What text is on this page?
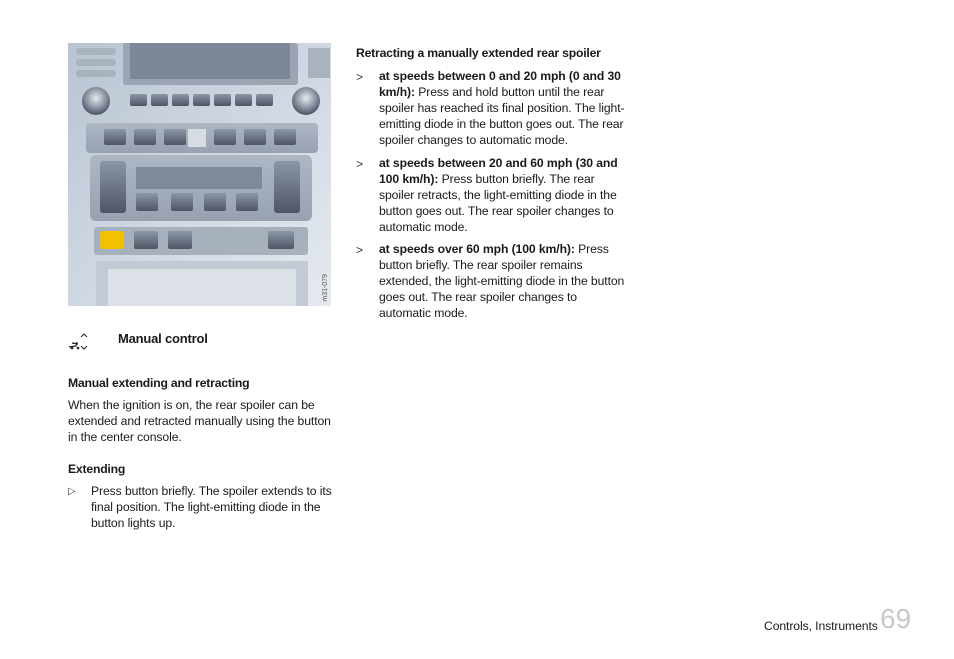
m31-079
Manual control
Manual extending and retracting
When the ignition is on, the rear spoiler can be extended and retracted manually using the button in the center console.
Extending
▷ Press button briefly. The spoiler extends to its final position. The light-emitting diode in the button lights up.
Retracting a manually extended rear spoiler
> at speeds between 0 and 20 mph (0 and 30 km/h): Press and hold button until the rear spoiler has reached its final position. The light-emitting diode in the button goes out. The rear spoiler changes to automatic mode.
> at speeds between 20 and 60 mph (30 and 100 km/h): Press button briefly. The rear spoiler retracts, the light-emitting diode in the button goes out. The rear spoiler changes to automatic mode.
> at speeds over 60 mph (100 km/h): Press button briefly. The rear spoiler remains extended, the light-emitting diode in the button goes out. The rear spoiler changes to automatic mode.
Controls, Instruments 69
